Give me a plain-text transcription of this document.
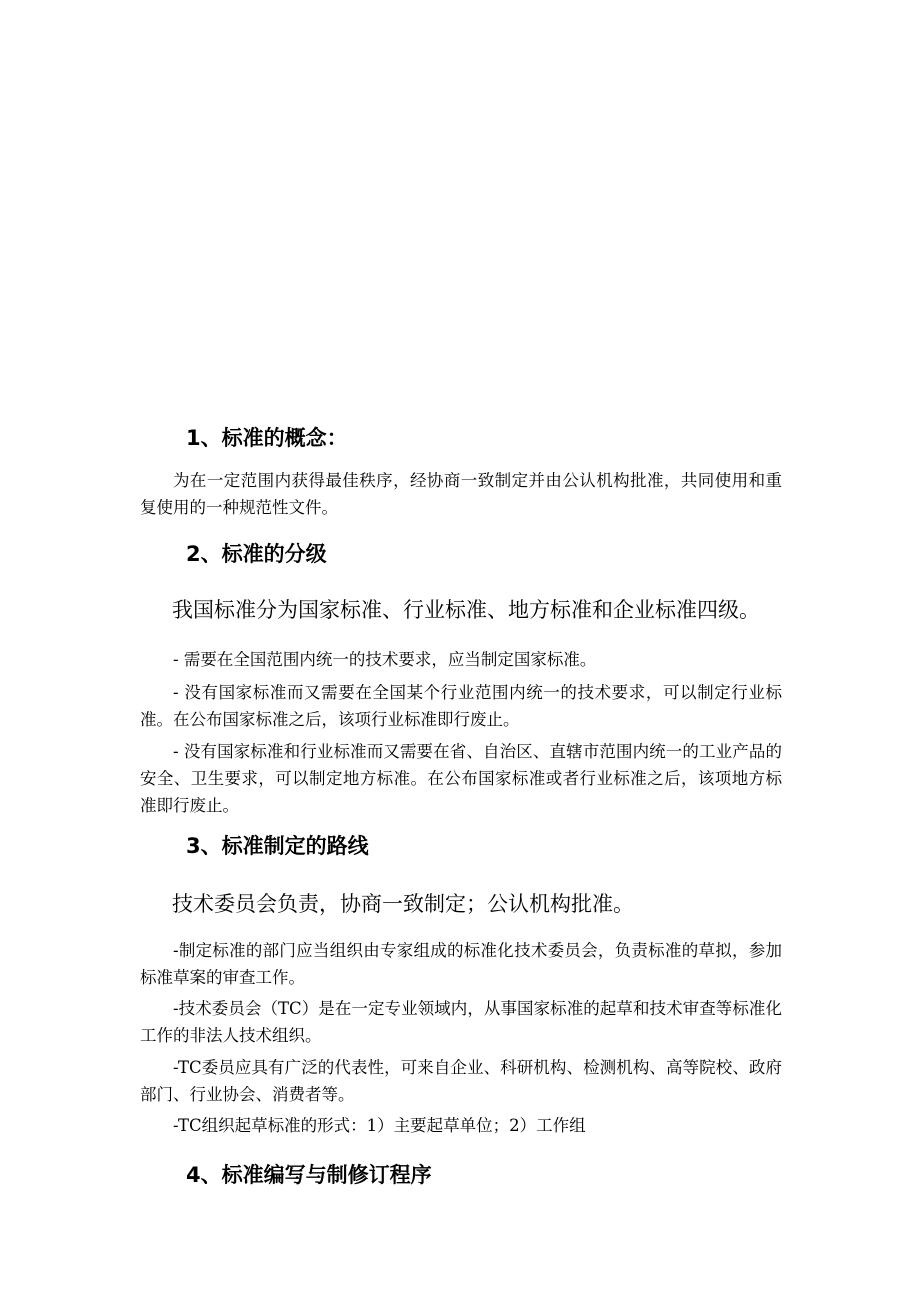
1、标准的概念：

为在一定范围内获得最佳秩序，经协商一致制定并由公认机构批准，共同使用和重复使用的一种规范性文件。

2、标准的分级

我国标准分为国家标准、行业标准、地方标准和企业标准四级。

- 需要在全国范围内统一的技术要求，应当制定国家标准。

- 没有国家标准而又需要在全国某个行业范围内统一的技术要求，可以制定行业标准。在公布国家标准之后，该项行业标准即行废止。

- 没有国家标准和行业标准而又需要在省、自治区、直辖市范围内统一的工业产品的安全、卫生要求，可以制定地方标准。在公布国家标准或者行业标准之后，该项地方标准即行废止。

3、标准制定的路线

技术委员会负责，协商一致制定；公认机构批准。

-制定标准的部门应当组织由专家组成的标准化技术委员会，负责标准的草拟，参加标准草案的审查工作。

-技术委员会（TC）是在一定专业领域内，从事国家标准的起草和技术审查等标准化工作的非法人技术组织。

-TC委员应具有广泛的代表性，可来自企业、科研机构、检测机构、高等院校、政府部门、行业协会、消费者等。

-TC组织起草标准的形式：1）主要起草单位；2）工作组

4、标准编写与制修订程序
